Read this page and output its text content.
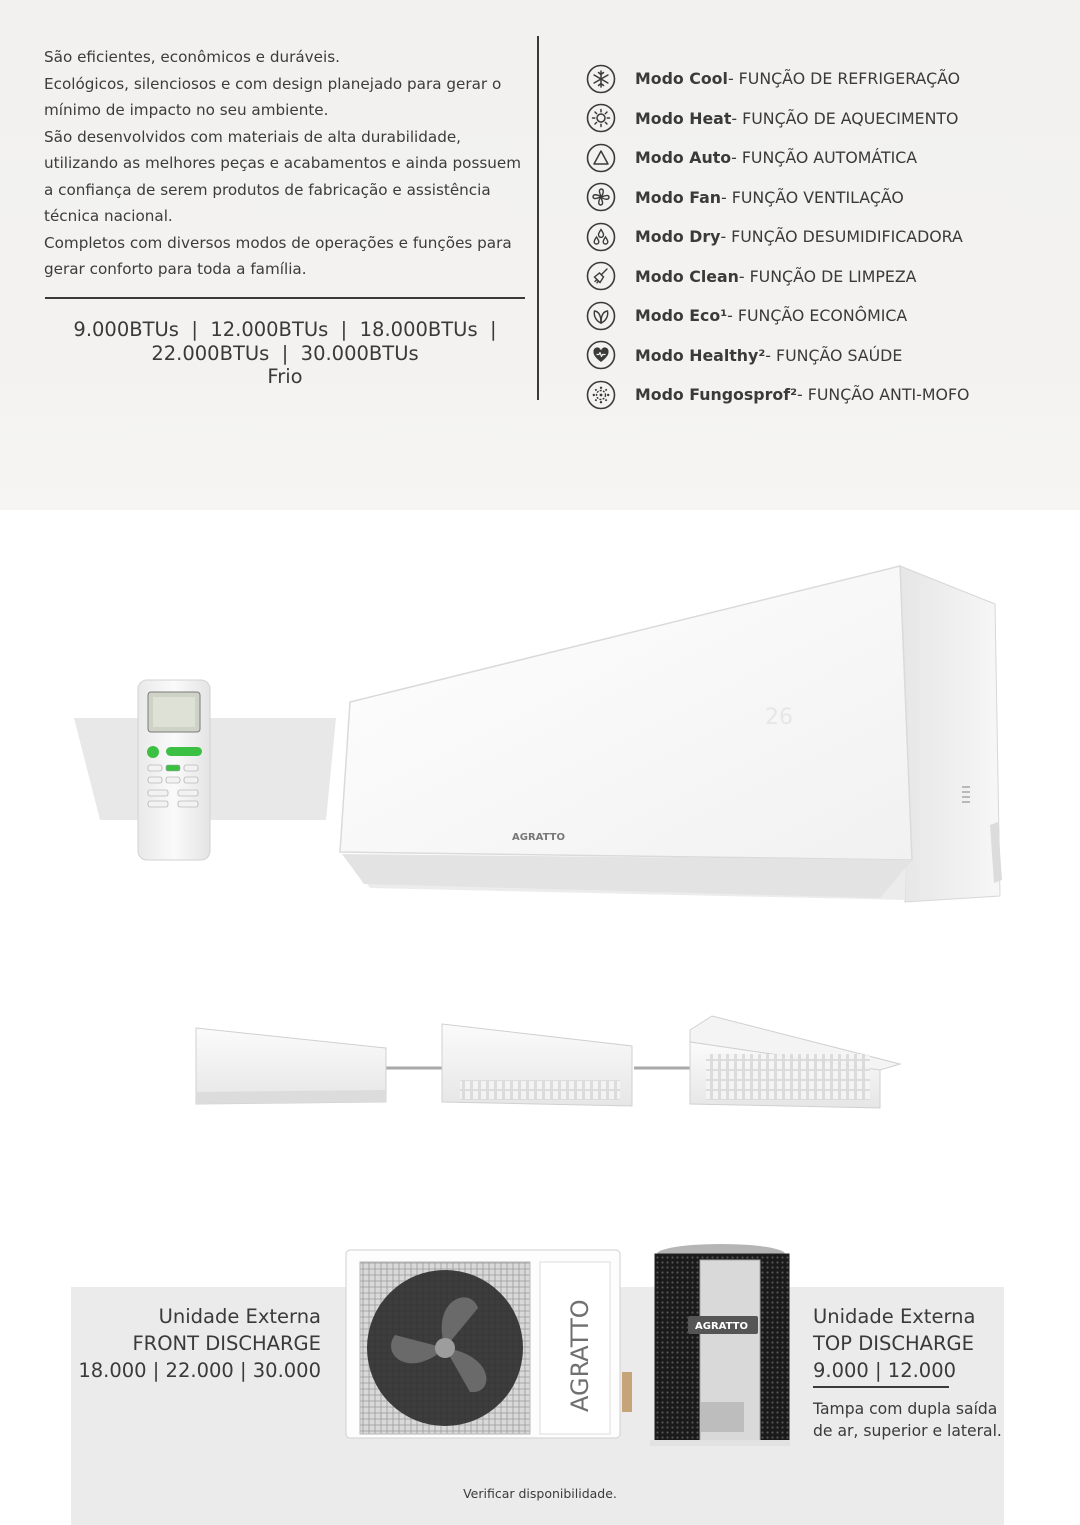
São eficientes, econômicos e duráveis.

Ecológicos, silenciosos e com design planejado para gerar o mínimo de impacto no seu ambiente.

São desenvolvidos com materiais de alta durabilidade, utilizando as melhores peças e acabamentos e ainda possuem a confiança de serem produtos de fabricação e assistência técnica nacional.

Completos com diversos modos de operações e funções para gerar conforto para toda a família.

9.000BTUs  |  12.000BTUs  |  18.000BTUs  |
22.000BTUs  |  30.000BTUs
Frio
Modo Cool - FUNÇÃO DE REFRIGERAÇÃO
Modo Heat - FUNÇÃO DE AQUECIMENTO
Modo Auto - FUNÇÃO AUTOMÁTICA
Modo Fan - FUNÇÃO VENTILAÇÃO
Modo Dry - FUNÇÃO DESUMIDIFICADORA
Modo Clean - FUNÇÃO DE LIMPEZA
Modo Eco¹ - FUNÇÃO ECONÔMICA
Modo Healthy² - FUNÇÃO SAÚDE
Modo Fungosprof² - FUNÇÃO ANTI-MOFO
26
AGRATTO
AGRATTO	AGRATTO
Unidade Externa
FRONT DISCHARGE
18.000 | 22.000 | 30.000
Unidade Externa
TOP DISCHARGE
9.000 | 12.000
Tampa com dupla saída de ar, superior e lateral.
Verificar disponibilidade.
